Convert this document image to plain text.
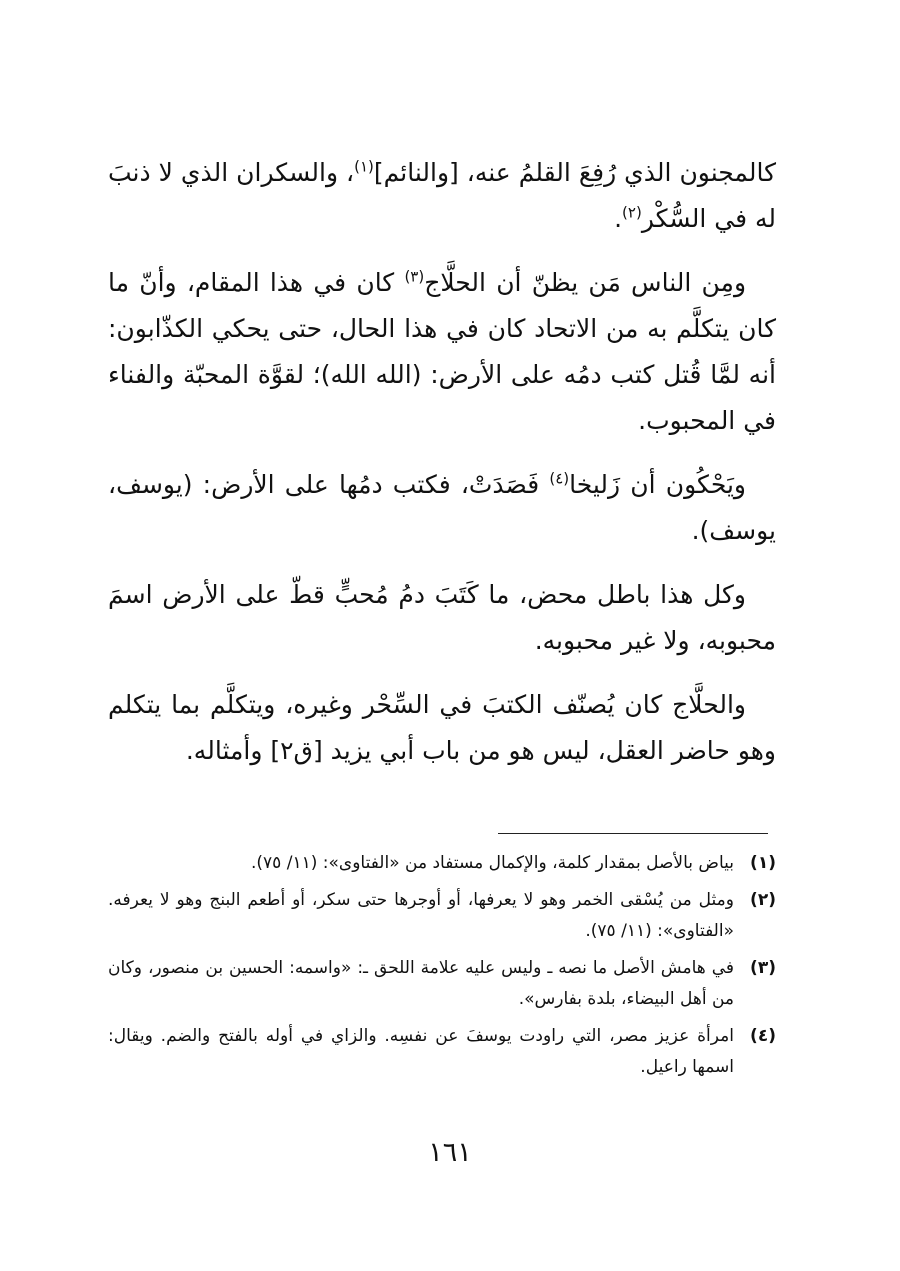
كالمجنون الذي رُفِعَ القلمُ عنه، [والنائم]$^{(١)}$، والسكران الذي لا ذنبَ له في السُّكْر$^{(٢)}$.

ومِن الناس مَن يظنّ أن الحلَّاج$^{(٣)}$ كان في هذا المقام، وأنّ ما كان يتكلَّم به من الاتحاد كان في هذا الحال، حتى يحكي الكذّابون: أنه لمَّا قُتل كتب دمُه على الأرض: (الله الله)؛ لقوَّة المحبّة والفناء في المحبوب.

ويَحْكُون أن زَليخا$^{(٤)}$ فَصَدَتْ، فكتب دمُها على الأرض: (يوسف، يوسف).

وكل هذا باطل محض، ما كَتَبَ دمُ مُحبٍّ قطّ على الأرض اسمَ محبوبه، ولا غير محبوبه.

والحلَّاج كان يُصنّف الكتبَ في السِّحْر وغيره، ويتكلَّم بما يتكلم وهو حاضر العقل، ليس هو من باب أبي يزيد [ق٢] وأمثاله.

(١)
بياض بالأصل بمقدار كلمة، والإكمال مستفاد من «الفتاوى»: (١١/ ٧٥).
(٢)
ومثل من يُسْقى الخمر وهو لا يعرفها، أو أوجرها حتى سكر، أو أطعم البنج وهو لا يعرفه. «الفتاوى»: (١١/ ٧٥).
(٣)
في هامش الأصل ما نصه ـ وليس عليه علامة اللحق ـ: «واسمه: الحسين بن منصور، وكان من أهل البيضاء، بلدة بفارس».
(٤)
امرأة عزيز مصر، التي راودت يوسفَ عن نفسِه. والزاي في أوله بالفتح والضم. ويقال: اسمها راعيل.
١٦١
